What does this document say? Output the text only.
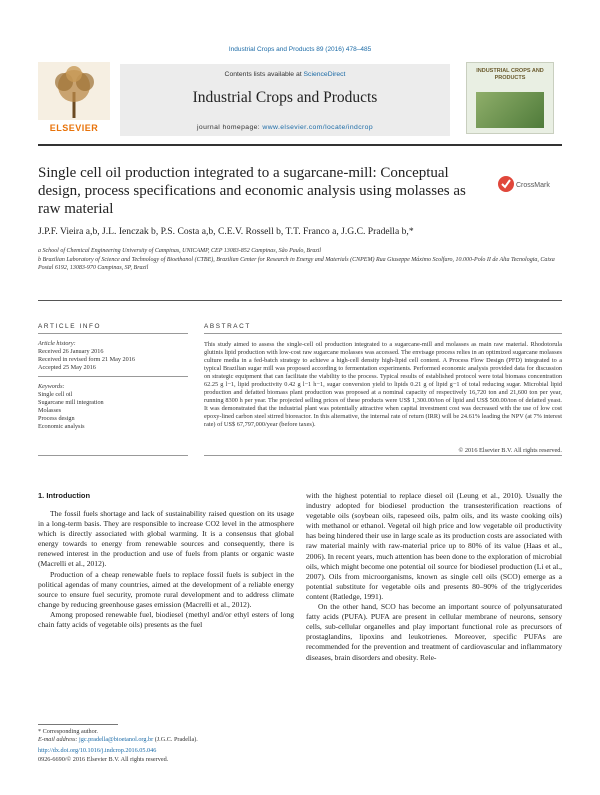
Industrial Crops and Products 89 (2016) 478–485
Contents lists available at ScienceDirect
Industrial Crops and Products
journal homepage: www.elsevier.com/locate/indcrop
ELSEVIER
INDUSTRIAL CROPS AND PRODUCTS
Single cell oil production integrated to a sugarcane-mill: Conceptual design, process specifications and economic analysis using molasses as raw material
CrossMark
J.P.F. Vieira a,b, J.L. Ienczak b, P.S. Costa a,b, C.E.V. Rossell b, T.T. Franco a, J.G.C. Pradella b,*
a School of Chemical Engineering University of Campinas, UNICAMP, CEP 13083-852 Campinas, São Paulo, Brazil
b Brazilian Laboratory of Science and Technology of Bioethanol (CTBE), Brazilian Center for Research in Energy and Materials (CNPEM) Rua Giuseppe Máximo Scolfaro, 10.000-Polo II de Alta Tecnologia, Caixa Postal 6192, 13083-970 Campinas, SP, Brazil
ARTICLE INFO	ABSTRACT
Article history:
Received 26 January 2016
Received in revised form 21 May 2016
Accepted 25 May 2016
Keywords:
Single cell oil
Sugarcane mill integration
Molasses
Process design
Economic analysis
This study aimed to assess the single-cell oil production integrated to a sugarcane-mill and molasses as main raw material. Rhodotorula glutinis lipid production with low-cost raw sugarcane molasses was accessed. The envisage process relies in an optimized sugarcane molasses culture media in a fed-batch strategy to achieve a high-cell density high-lipid cell content. A Process Flow Design (PFD) integrated to a typical Brazilian sugar mill was proposed according to fermentation experiments. Performed economic analysis provided data for discussion on strategic equipment that can facilitate the viability to the process. Typical results of established protocol were total biomass concentration 62.25 g l−1, lipid productivity 0.42 g l−1 h−1, sugar conversion yield to lipids 0.21 g of lipid g−1 of total reducing sugar. Microbial lipid production and defatted biomass plant production was proposed at a nominal capacity of respectively 16,720 ton and 21,600 ton per year, running 8300 h per year. The projected selling prices of these products were US$ 1,300.00/ton of lipid and US$ 500.00/ton of defatted yeast. It was demonstrated that the industrial plant was potentially attractive when capital investment cost was decreased with the use of low cost epoxy-lined carbon steel stirred bioreactor. In this alternative, the internal rate of return (IRR) will be 24.61% leading the NPV (at 7% interest rate) of US$ 67,797,000/year (before taxes).
© 2016 Elsevier B.V. All rights reserved.
1. Introduction

The fossil fuels shortage and lack of sustainability raised question on its usage in a long-term basis. They are responsible to increase CO2 level in the atmosphere which is directly associated with global warming. It is a consensus that global energy towards to energy from renewable sources and consequently, there is renewed interest in the production and use of fuels from plants or organic waste (Macrelli et al., 2012).

Production of a cheap renewable fuels to replace fossil fuels is subject in the political agendas of many countries, aimed at the development of a reliable energy source to ensure fuel security, promote rural development and to address climate change by reducing greenhouse gases emission (Macrelli et al., 2012).

Among proposed renewable fuel, biodiesel (methyl and/or ethyl esters of long chain fatty acids of vegetable oils) presents as the fuel

with the highest potential to replace diesel oil (Leung et al., 2010). Usually the industry adopted for biodiesel production the transesterification reactions of vegetable oils (soybean oils, rapeseed oils, palm oils, and its waste cooking oils) with methanol or ethanol. Vegetal oil high price and low vegetable oil productivity has being hindered their use in large scale as its production costs are associated with raw material mainly with raw-material price up to 80% of its value (Haas et al., 2006). In recent years, much attention has been done to the exploration of microbial oils, which might become one potential oil source for biodiesel production (Li et al., 2007). Oils from microorganisms, known as single cell oils (SCO) emerge as a potential substitute for vegetable oils and presents 80–90% of the triglycerides content (Ratledge, 1991).

On the other hand, SCO has become an important source of polyunsaturated fatty acids (PUFA). PUFA are present in cellular membrane of neurons, sensory cells, sub-cellular organelles and play important functional role as precursors of prostaglandins, lipoxins and leukotrienes. Moreover, specific PUFAs are recommended for the prevention and treatment of cardiovascular and inflammatory diseases, brain disorders and obesity. Rele-

* Corresponding author.
E-mail address: jgc.pradella@bioetanol.org.br (J.G.C. Pradella).
http://dx.doi.org/10.1016/j.indcrop.2016.05.046
0926-6690/© 2016 Elsevier B.V. All rights reserved.
